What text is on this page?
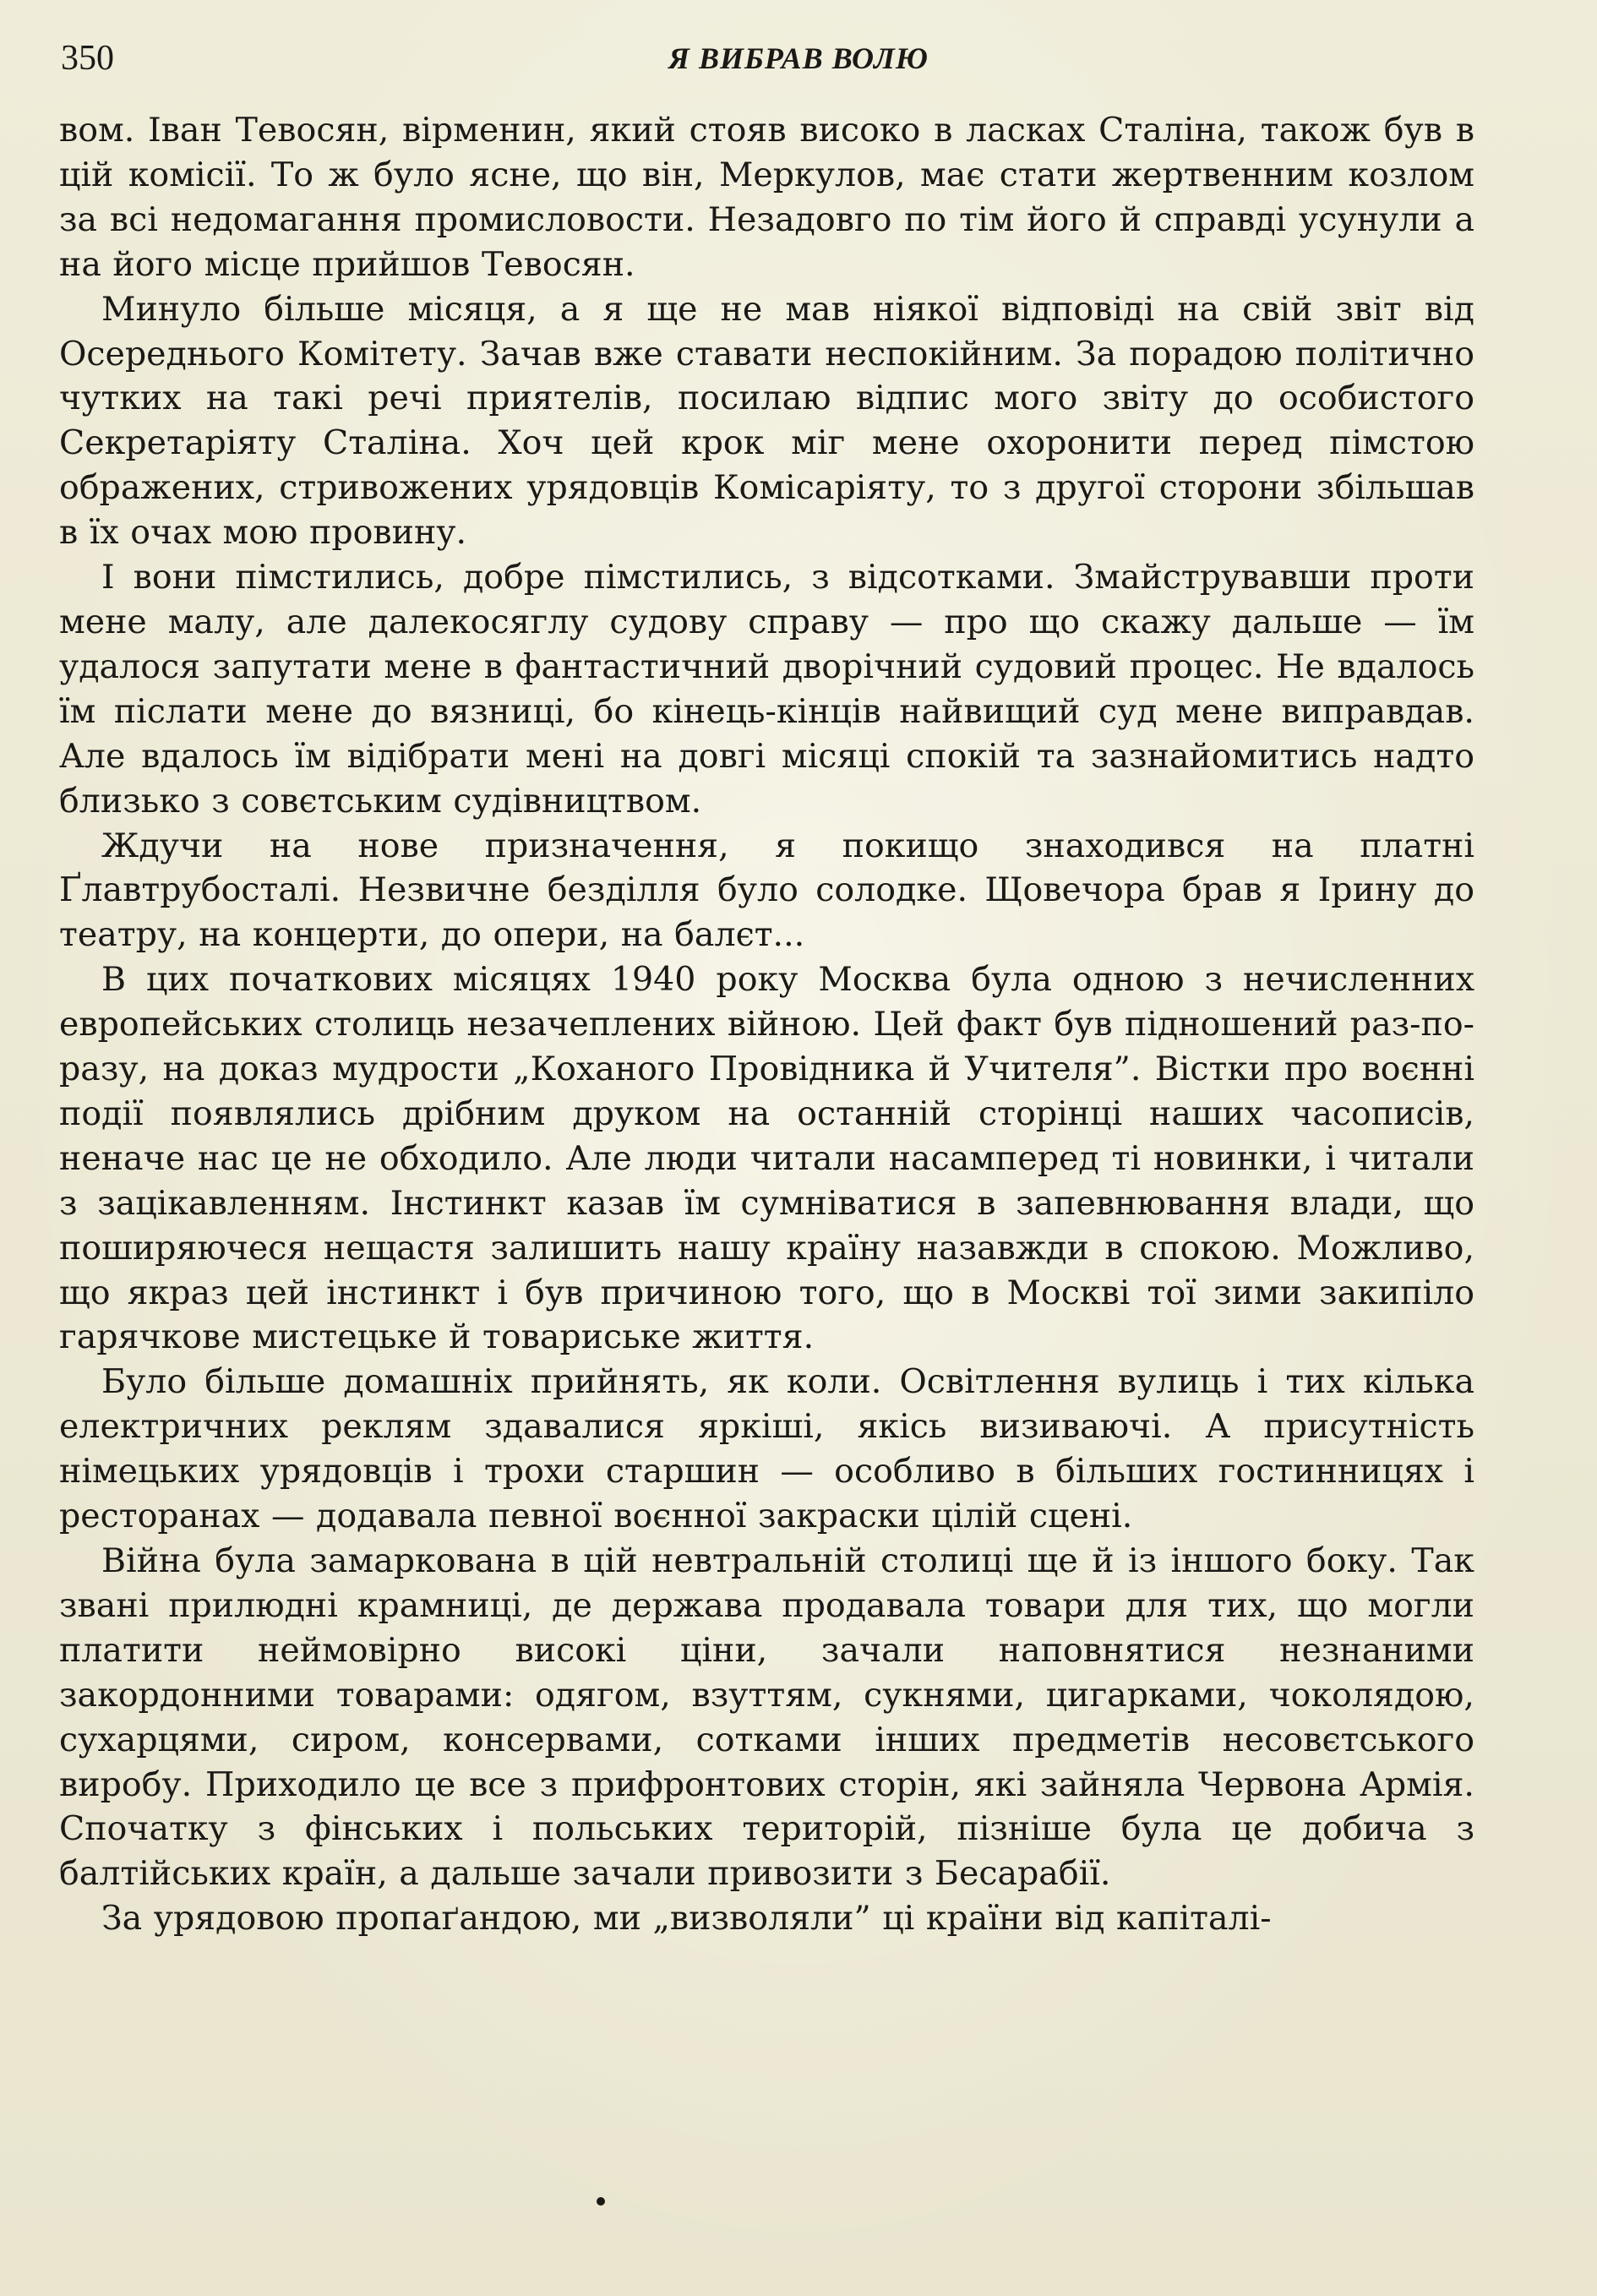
350	Я ВИБРАВ ВОЛЮ

вом. Іван Тевосян, вірменин, який стояв високо в ласках Сталіна, також був в цій комісії. То ж було ясне, що він, Меркулов, має стати жертвенним козлом за всі недомагання промисловости. Незадовго по тім його й справді усунули а на його місце прийшов Тевосян.

Минуло більше місяця, а я ще не мав ніякої відповіді на свій звіт від Осереднього Комітету. Зачав вже ставати неспокійним. За порадою політично чутких на такі речі приятелів, посилаю відпис мого звіту до особистого Секретаріяту Сталіна. Хоч цей крок міг мене охоронити перед пімстою ображених, стривожених урядовців Комісаріяту, то з другої сторони збільшав в їх очах мою провину.

І вони пімстились, добре пімстились, з відсотками. Змайструвавши проти мене малу, але далекосяглу судову справу — про що скажу дальше — їм удалося запутати мене в фантастичний дворічний судовий процес. Не вдалось їм післати мене до вязниці, бо кінець-кінців найвищий суд мене виправдав. Але вдалось їм відібрати мені на довгі місяці спокій та зазнайомитись надто близько з совєтським судівництвом.

Ждучи на нове призначення, я покищо знаходився на платні Ґлавтрубосталі. Незвичне безділля було солодке. Щовечора брав я Ірину до театру, на концерти, до опери, на балєт...

В цих початкових місяцях 1940 року Москва була одною з нечисленних европейських столиць незачеплених війною. Цей факт був підношений раз-по-разу, на доказ мудрости „Коханого Провідника й Учителя”. Вістки про воєнні події появлялись дрібним друком на останній сторінці наших часописів, неначе нас це не обходило. Але люди читали насамперед ті новинки, і читали з зацікавленням. Інстинкт казав їм сумніватися в запевнювання влади, що поширяючеся нещастя залишить нашу країну назавжди в спокою. Можливо, що якраз цей інстинкт і був причиною того, що в Москві тої зими закипіло гарячкове мистецьке й товариське життя.

Було більше домашніх прийнять, як коли. Освітлення вулиць і тих кілька електричних реклям здавалися яркіші, якісь визиваючі. А присутність німецьких урядовців і трохи старшин — особливо в більших гостинницях і ресторанах — додавала певної воєнної закраски цілій сцені.

Війна була замаркована в цій невтральній столиці ще й із іншого боку. Так звані прилюдні крамниці, де держава продавала товари для тих, що могли платити неймовірно високі ціни, зачали наповнятися незнаними закордонними товарами: одягом, взуттям, сукнями, цигарками, чоколядою, сухарцями, сиром, консервами, сотками інших предметів несовєтського виробу. Приходило це все з прифронтових сторін, які зайняла Червона Армія. Спочатку з фінських і польських територій, пізніше була це добича з балтійських країн, а дальше зачали привозити з Бесарабії.

За урядовою пропаґандою, ми „визволяли” ці країни від капіталі-
